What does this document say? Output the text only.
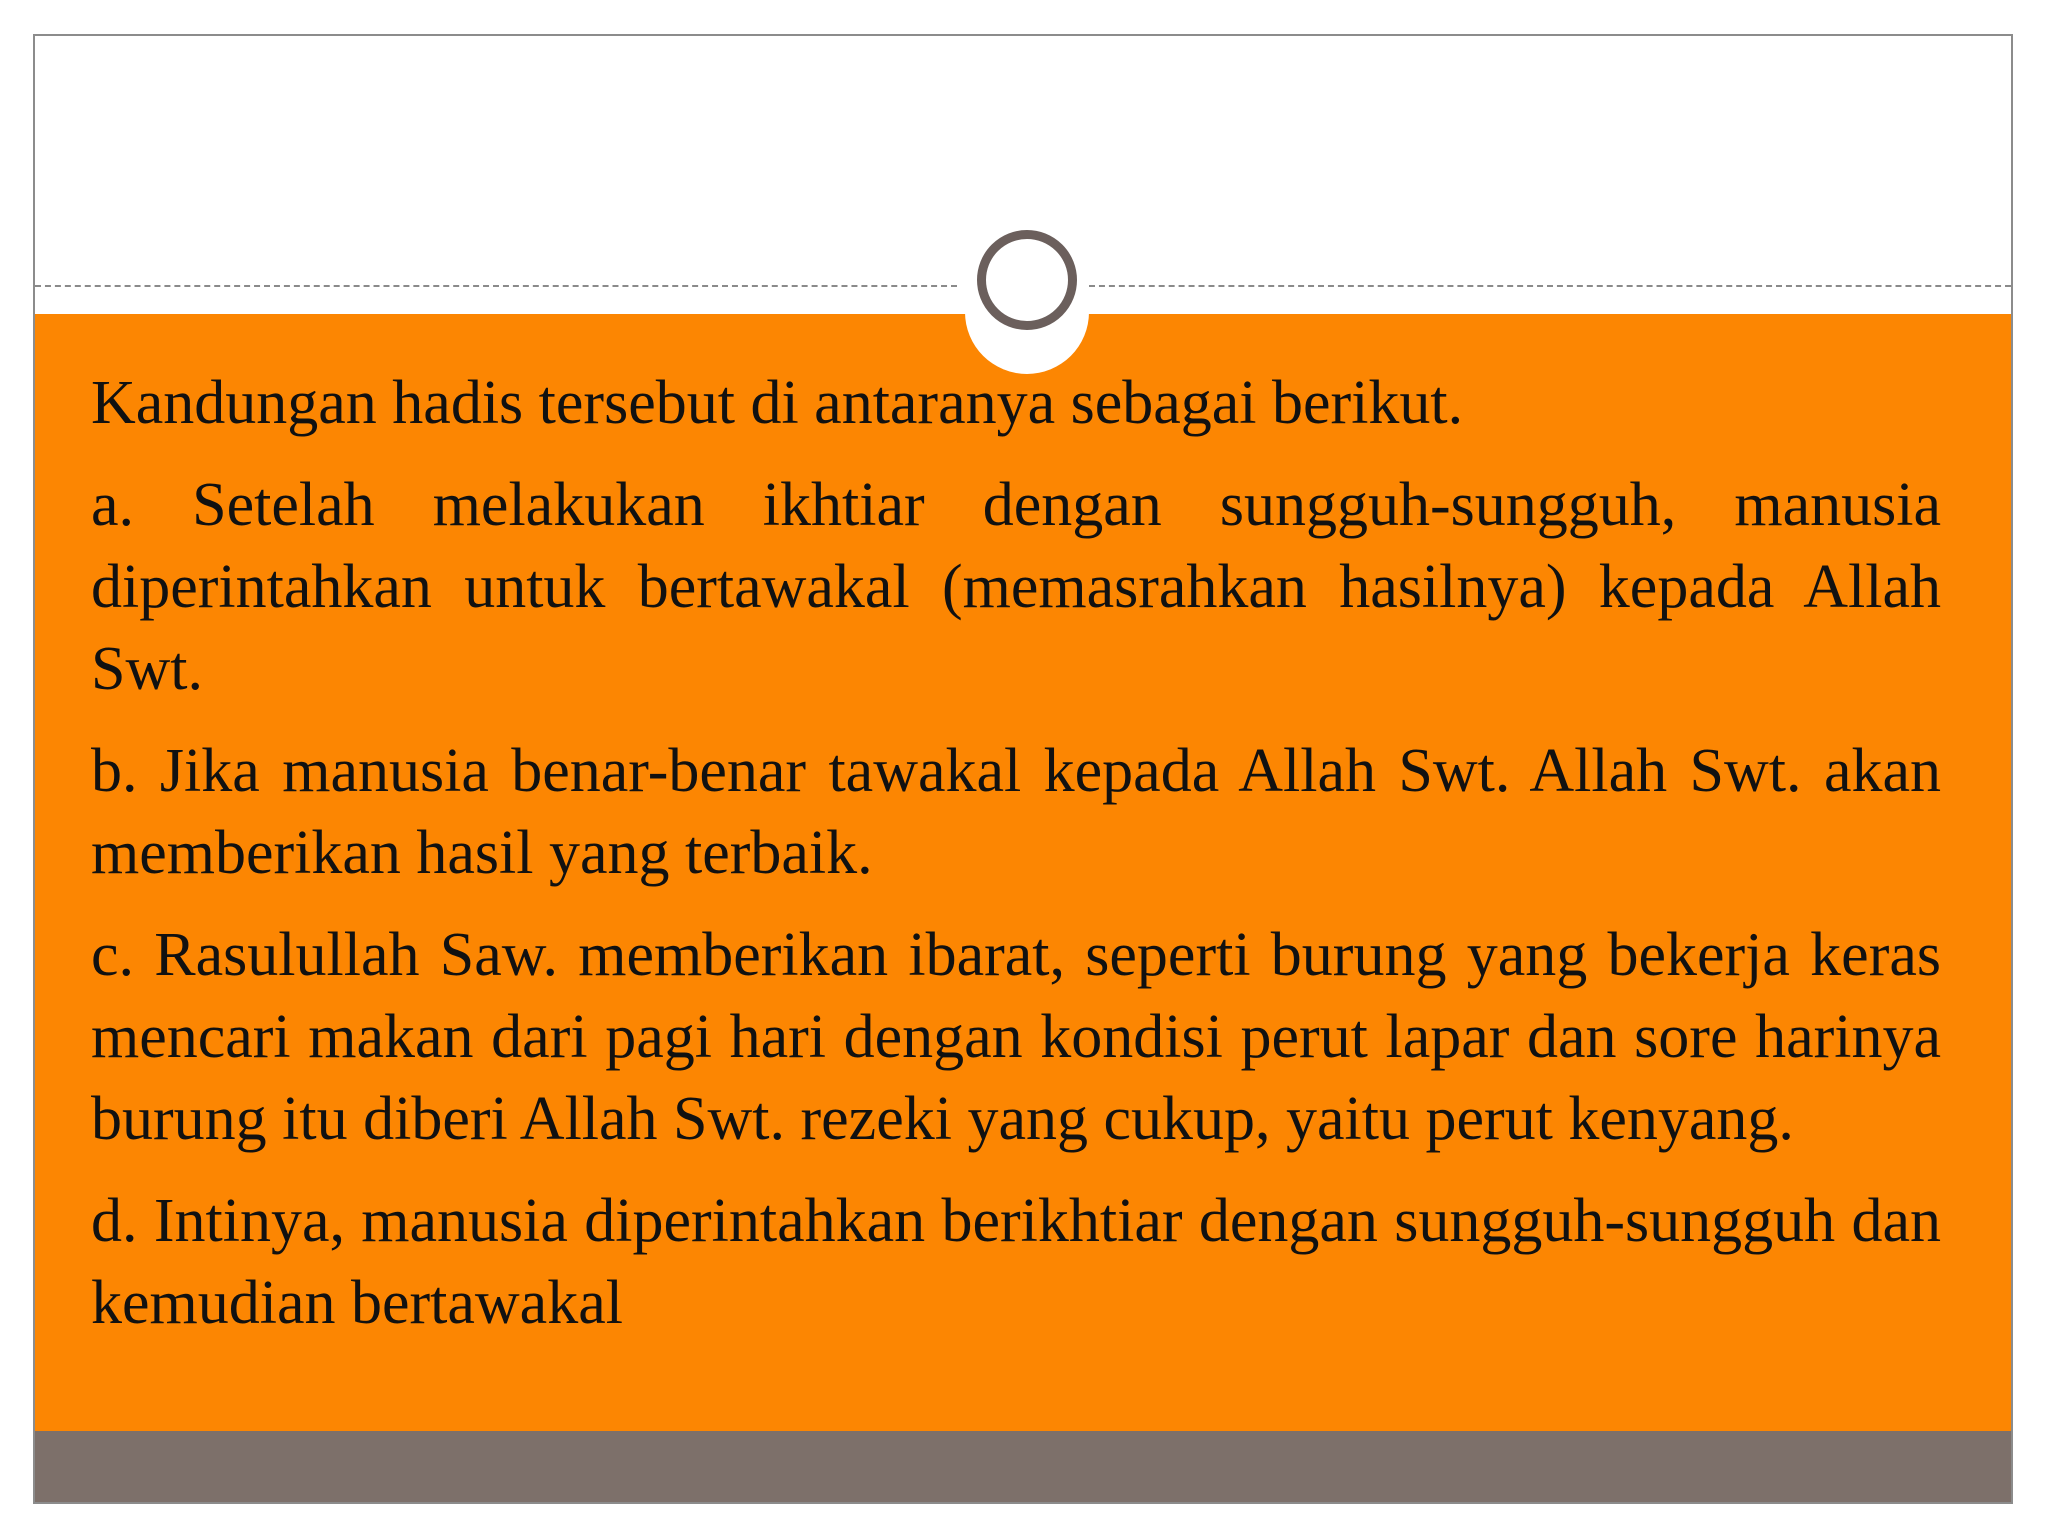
Kandungan hadis tersebut di antaranya sebagai berikut.

a. Setelah melakukan ikhtiar dengan sungguh-sungguh, manusia diperintahkan untuk bertawakal (memasrahkan hasilnya) kepada Allah Swt.

b. Jika manusia benar-benar tawakal kepada Allah Swt. Allah Swt. akan memberikan hasil yang terbaik.

c. Rasulullah Saw. memberikan ibarat, seperti burung yang bekerja keras mencari makan dari pagi hari dengan kondisi perut lapar dan sore harinya burung itu diberi Allah Swt. rezeki yang cukup, yaitu perut kenyang.

d. Intinya, manusia diperintahkan berikhtiar dengan sungguh-sungguh dan kemudian bertawakal
